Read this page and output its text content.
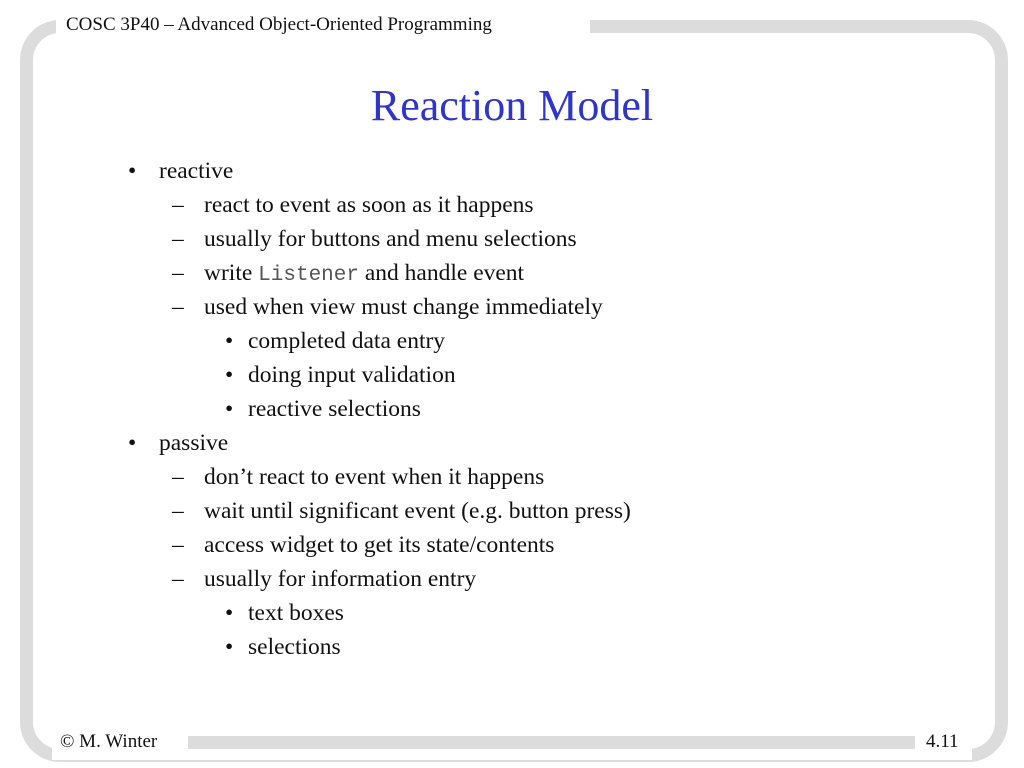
COSC 3P40 – Advanced Object-Oriented Programming
Reaction Model
• reactive
– react to event as soon as it happens
– usually for buttons and menu selections
– write Listener and handle event
– used when view must change immediately
• completed data entry
• doing input validation
• reactive selections
• passive
– don’t react to event when it happens
– wait until significant event (e.g. button press)
– access widget to get its state/contents
– usually for information entry
• text boxes
• selections
© M. Winter	4.11
